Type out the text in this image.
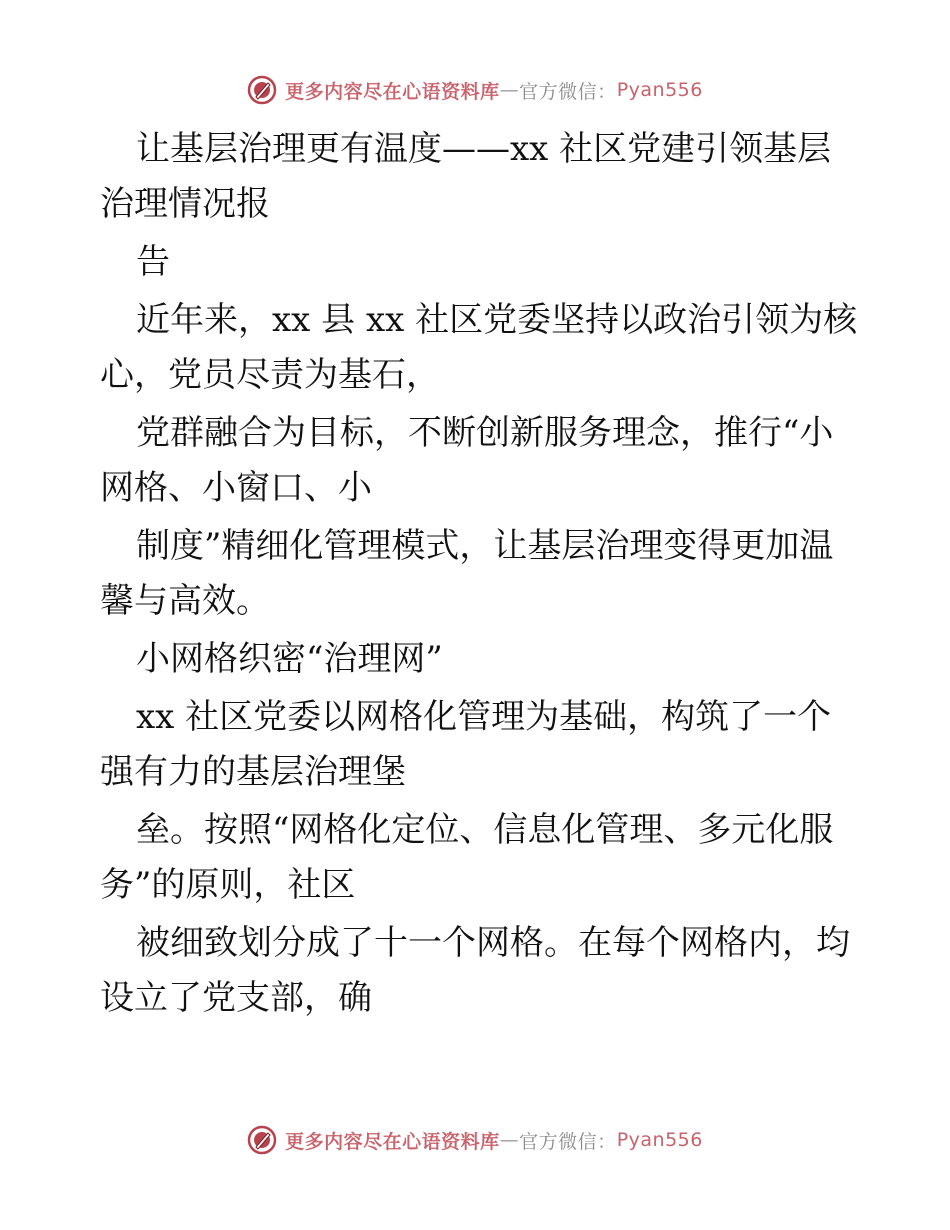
更多内容尽在心语资料库 — 官方微信： Pyan556

让基层治理更有温度——xx 社区党建引领基层治理情况报

告

近年来，xx 县 xx 社区党委坚持以政治引领为核心，党员尽责为基石，

党群融合为目标，不断创新服务理念，推行“小网格、小窗口、小

制度”精细化管理模式，让基层治理变得更加温馨与高效。

小网格织密“治理网”

xx 社区党委以网格化管理为基础，构筑了一个强有力的基层治理堡

垒。按照“网格化定位、信息化管理、多元化服务”的原则，社区

被细致划分成了十一个网格。在每个网格内，均设立了党支部，确

更多内容尽在心语资料库 — 官方微信： Pyan556
